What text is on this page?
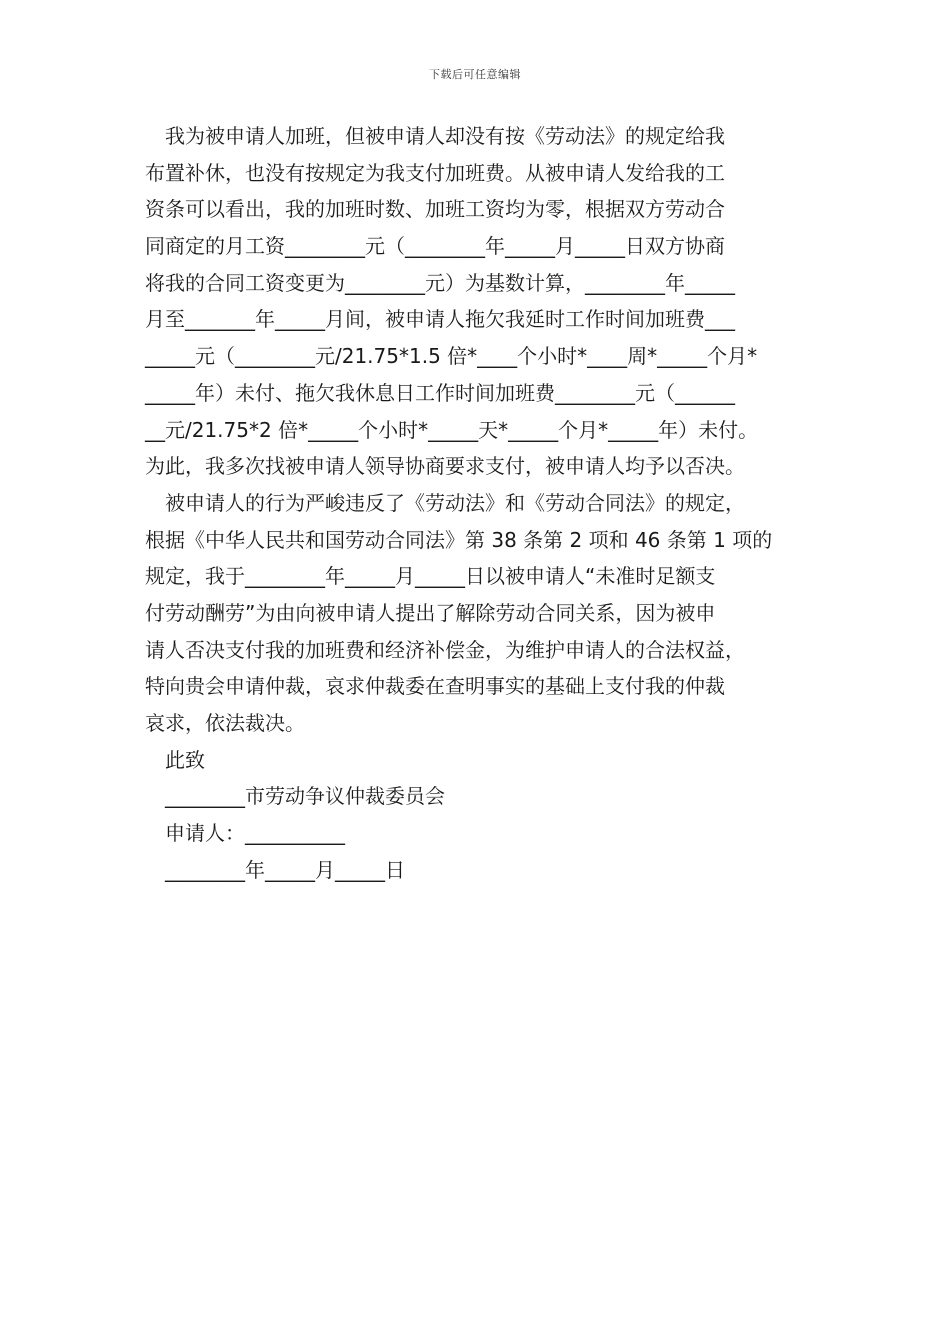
下载后可任意编辑
我为被申请人加班，但被申请人却没有按《劳动法》的规定给我
布置补休，也没有按规定为我支付加班费。从被申请人发给我的工
资条可以看出，我的加班时数、加班工资均为零，根据双方劳动合
同商定的月工资________元（________年_____月_____日双方协商
将我的合同工资变更为________元）为基数计算，________年_____
月至_______年_____月间，被申请人拖欠我延时工作时间加班费___
_____元（________元/21.75*1.5 倍*____个小时*____周*_____个月*
_____年）未付、拖欠我休息日工作时间加班费________元（______
__元/21.75*2 倍*_____个小时*_____天*_____个月*_____年）未付。
为此，我多次找被申请人领导协商要求支付，被申请人均予以否决。
被申请人的行为严峻违反了《劳动法》和《劳动合同法》的规定，
根据《中华人民共和国劳动合同法》第 38 条第 2 项和 46 条第 1 项的
规定，我于________年_____月_____日以被申请人“未准时足额支
付劳动酬劳”为由向被申请人提出了解除劳动合同关系，因为被申
请人否决支付我的加班费和经济补偿金，为维护申请人的合法权益，
特向贵会申请仲裁，哀求仲裁委在查明事实的基础上支付我的仲裁
哀求，依法裁决。
此致
________市劳动争议仲裁委员会
申请人：__________
________年_____月_____日
